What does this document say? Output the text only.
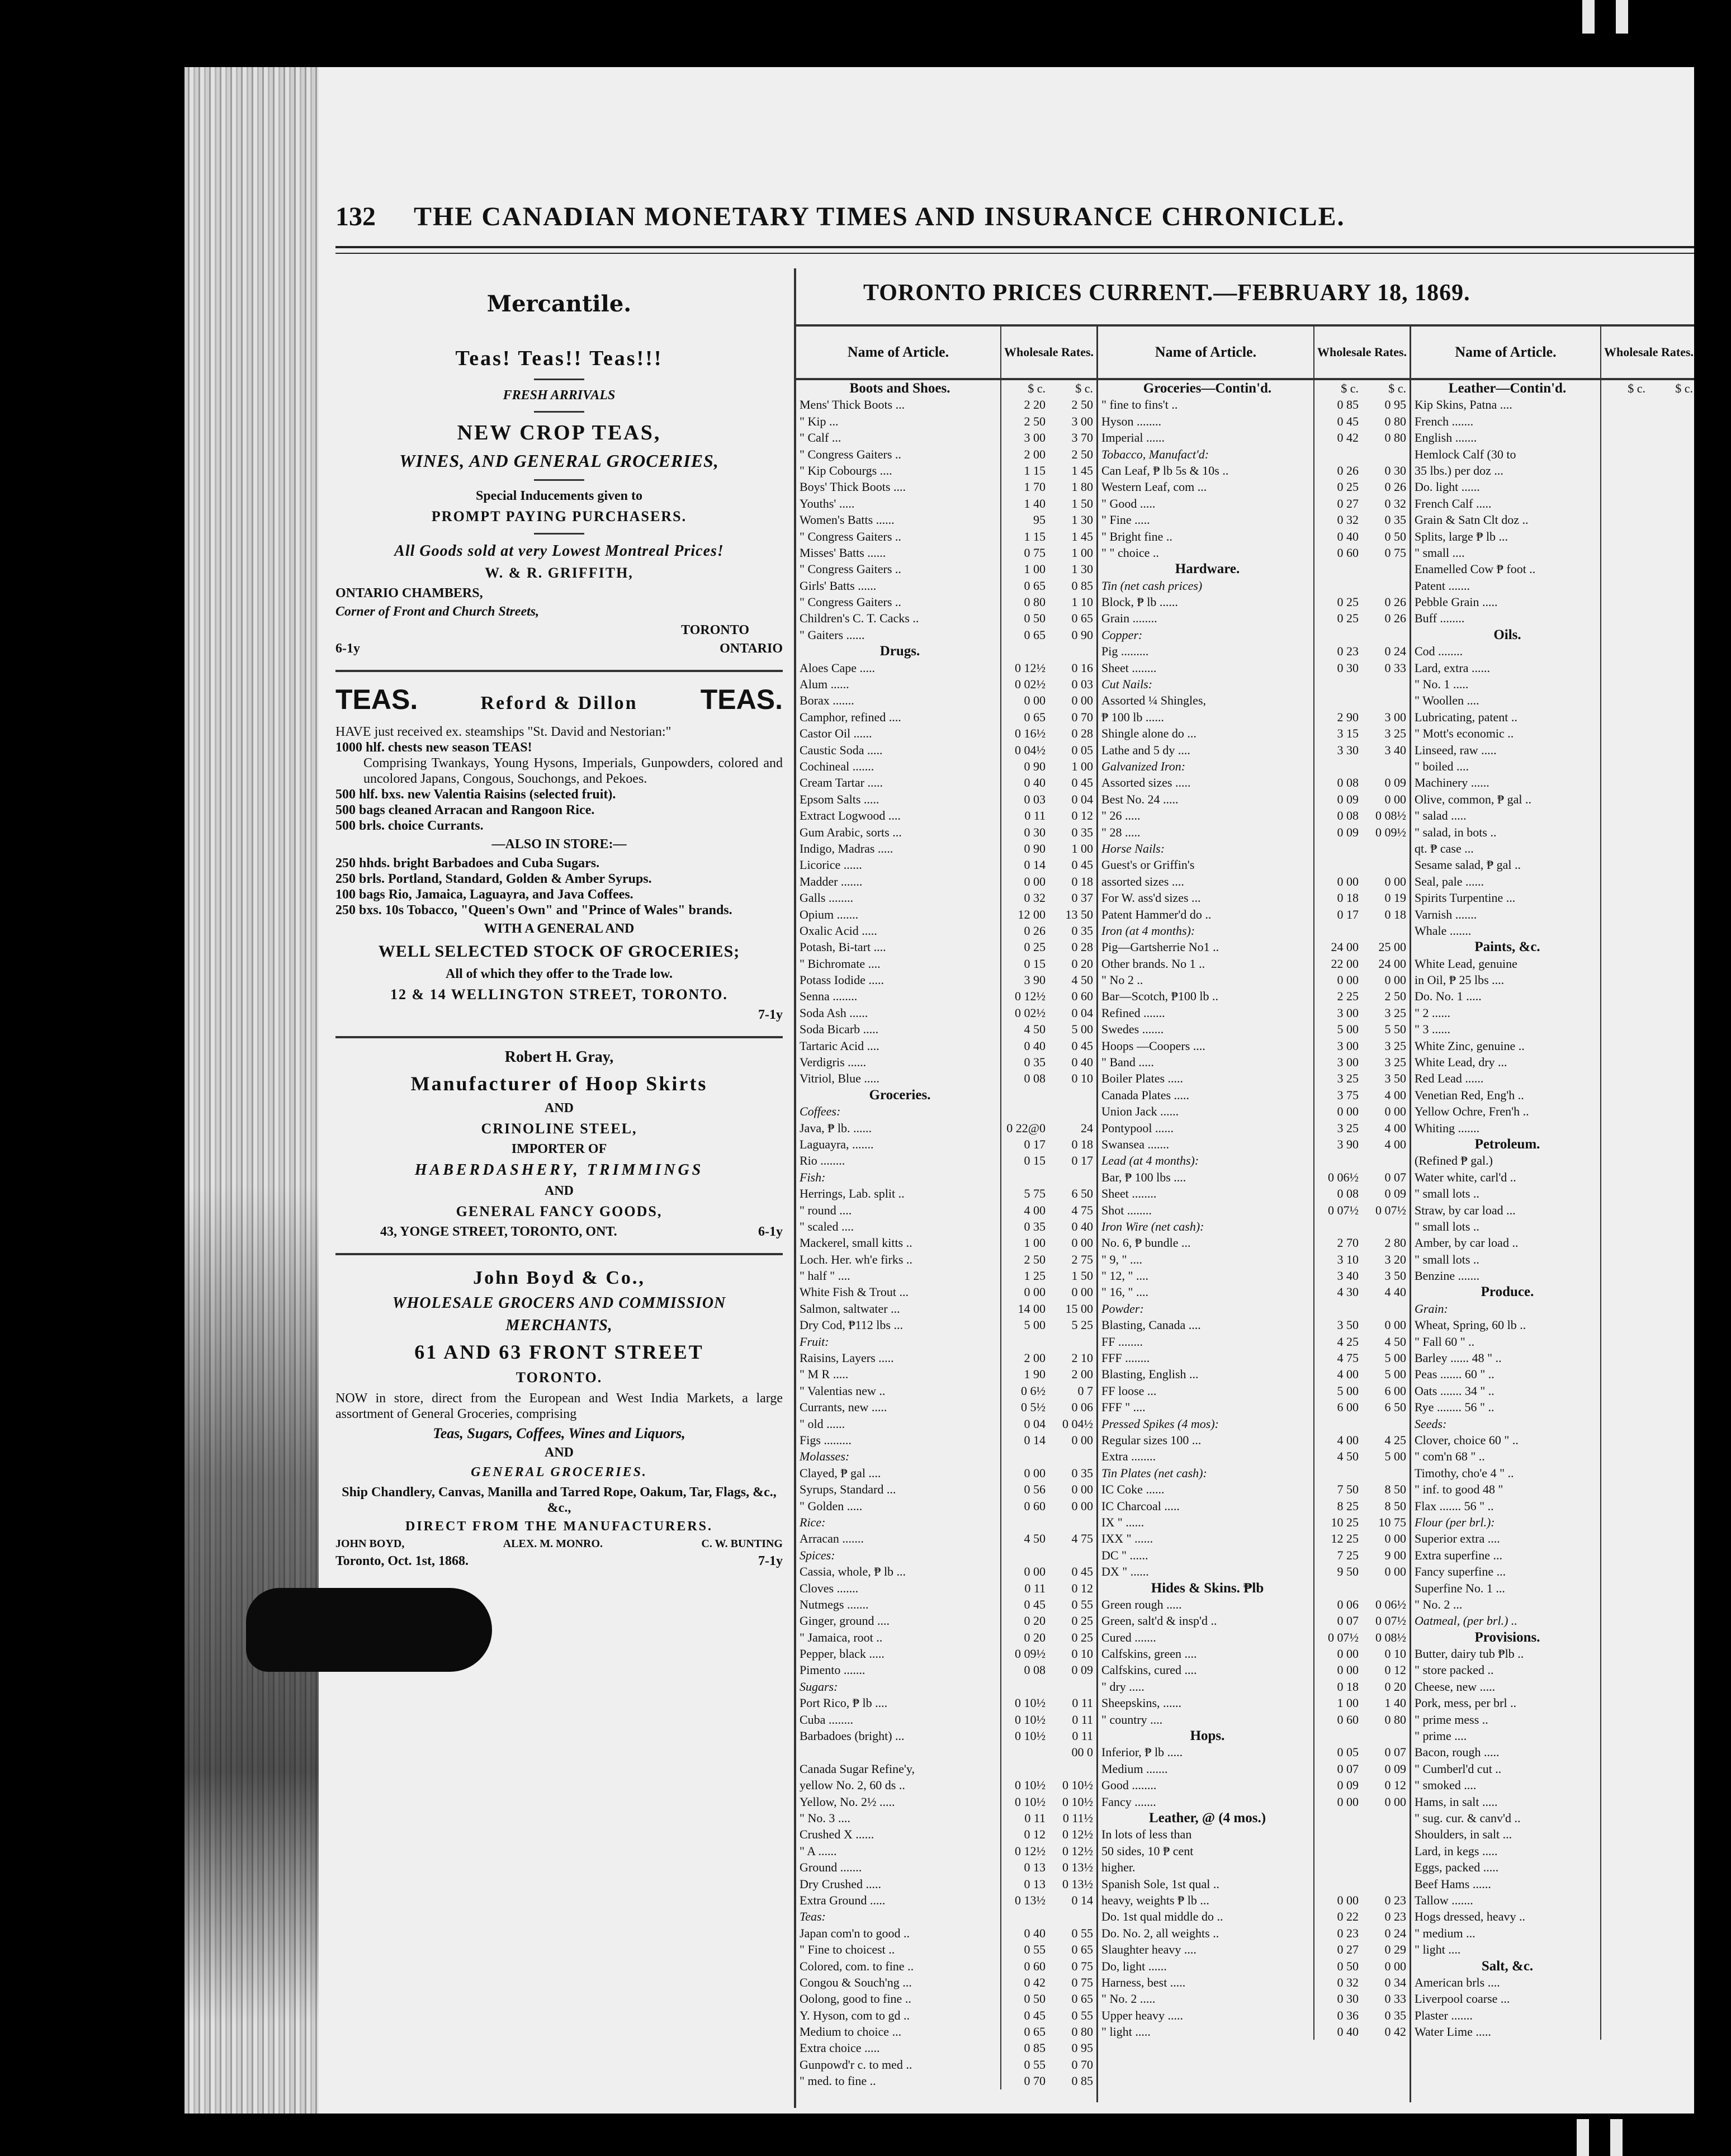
132 THE CANADIAN MONETARY TIMES AND INSURANCE CHRONICLE.
Mercantile.
Teas! Teas!! Teas!!!
FRESH ARRIVALS
NEW CROP TEAS,
WINES, AND GENERAL GROCERIES,
Special Inducements given to
PROMPT PAYING PURCHASERS.
All Goods sold at very Lowest Montreal Prices!
W. & R. GRIFFITH,
ONTARIO CHAMBERS,
Corner of Front and Church Streets,
TORONTO
6-1y	ONTARIO
TEAS.	Reford & Dillon TEAS.
HAVE just received ex. steamships "St. David and Nestorian:"
1000 hlf. chests new season TEAS!
Comprising Twankays, Young Hysons, Imperials, Gunpowders, colored and uncolored Japans, Congous, Souchongs, and Pekoes.
500 hlf. bxs. new Valentia Raisins (selected fruit).
500 bags cleaned Arracan and Rangoon Rice.
500 brls. choice Currants.
—ALSO IN STORE:—
250 hhds. bright Barbadoes and Cuba Sugars.
250 brls. Portland, Standard, Golden & Amber Syrups.
100 bags Rio, Jamaica, Laguayra, and Java Coffees.
250 bxs. 10s Tobacco, "Queen's Own" and "Prince of Wales" brands.
WITH A GENERAL AND
WELL SELECTED STOCK OF GROCERIES;
All of which they offer to the Trade low.
12 & 14 WELLINGTON STREET, TORONTO.
7-1y
Robert H. Gray,
Manufacturer of Hoop Skirts
AND
CRINOLINE STEEL,
IMPORTER OF
HABERDASHERY, TRIMMINGS
AND
GENERAL FANCY GOODS,
43, YONGE STREET, TORONTO, ONT.	6-1y
John Boyd & Co.,
WHOLESALE GROCERS AND COMMISSION
MERCHANTS,
61 AND 63 FRONT STREET
TORONTO.
NOW in store, direct from the European and West India Markets, a large assortment of General Groceries, comprising
Teas, Sugars, Coffees, Wines and Liquors,
AND
GENERAL GROCERIES.
Ship Chandlery, Canvas, Manilla and Tarred Rope, Oakum, Tar, Flags, &c., &c.,
DIRECT FROM THE MANUFACTURERS.
JOHN BOYD,	ALEX. M. MONRO.	C. W. BUNTING
Toronto, Oct. 1st, 1868.	7-1y
TORONTO PRICES CURRENT.—FEBRUARY 18, 1869.
Name of Article.	Wholesale Rates.
Boots and Shoes.	$ c.	$ c.
Mens' Thick Boots ...	2 20	2 50
" Kip ...	2 50	3 00
" Calf ...	3 00	3 70
" Congress Gaiters ..	2 00	2 50
" Kip Cobourgs ....	1 15	1 45
Boys' Thick Boots ....	1 70	1 80
Youths' .....	1 40	1 50
Women's Batts ......	95	1 30
" Congress Gaiters ..	1 15	1 45
Misses' Batts ......	0 75	1 00
" Congress Gaiters ..	1 00	1 30
Girls' Batts ......	0 65	0 85
" Congress Gaiters ..	0 80	1 10
Children's C. T. Cacks ..	0 50	0 65
" Gaiters ......	0 65	0 90
Drugs.
Aloes Cape .....	0 12½	0 16
Alum ......	0 02½	0 03
Borax .......	0 00	0 00
Camphor, refined ....	0 65	0 70
Castor Oil ......	0 16½	0 28
Caustic Soda .....	0 04½	0 05
Cochineal .......	0 90	1 00
Cream Tartar .....	0 40	0 45
Epsom Salts .....	0 03	0 04
Extract Logwood ....	0 11	0 12
Gum Arabic, sorts ...	0 30	0 35
Indigo, Madras .....	0 90	1 00
Licorice ......	0 14	0 45
Madder .......	0 00	0 18
Galls ........	0 32	0 37
Opium .......	12 00	13 50
Oxalic Acid .....	0 26	0 35
Potash, Bi-tart ....	0 25	0 28
" Bichromate ....	0 15	0 20
Potass Iodide .....	3 90	4 50
Senna ........	0 12½	0 60
Soda Ash ......	0 02½	0 04
Soda Bicarb .....	4 50	5 00
Tartaric Acid ....	0 40	0 45
Verdigris ......	0 35	0 40
Vitriol, Blue .....	0 08	0 10
Groceries.
Coffees:
Java, ₱ lb. ......	0 22@0	24
Laguayra, .......	0 17	0 18
Rio ........	0 15	0 17
Fish:
Herrings, Lab. split ..	5 75	6 50
" round ....	4 00	4 75
" scaled ....	0 35	0 40
Mackerel, small kitts ..	1 00	0 00
Loch. Her. wh'e firks ..	2 50	2 75
" half " ....	1 25	1 50
White Fish & Trout ...	0 00	0 00
Salmon, saltwater ...	14 00	15 00
Dry Cod, ₱112 lbs ...	5 00	5 25
Fruit:
Raisins, Layers .....	2 00	2 10
" M R .....	1 90	2 00
" Valentias new ..	0 6½	0 7
Currants, new .....	0 5½	0 06
" old ......	0 04	0 04½
Figs .........	0 14	0 00
Molasses:
Clayed, ₱ gal ....	0 00	0 35
Syrups, Standard ...	0 56	0 00
" Golden .....	0 60	0 00
Rice:
Arracan .......	4 50	4 75
Spices:
Cassia, whole, ₱ lb ...	0 00	0 45
Cloves .......	0 11	0 12
Nutmegs .......	0 45	0 55
Ginger, ground ....	0 20	0 25
" Jamaica, root ..	0 20	0 25
Pepper, black .....	0 09½	0 10
Pimento .......	0 08	0 09
Sugars:
Port Rico, ₱ lb ....	0 10½	0 11
Cuba ........	0 10½	0 11
Barbadoes (bright) ...	0 10½	0 11
00 0
Canada Sugar Refine'y,
yellow No. 2, 60 ds ..	0 10½	0 10½
Yellow, No. 2½ .....	0 10½	0 10½
" No. 3 ....	0 11	0 11½
Crushed X ......	0 12	0 12½
" A ......	0 12½	0 12½
Ground .......	0 13	0 13½
Dry Crushed .....	0 13	0 13½
Extra Ground .....	0 13½	0 14
Teas:
Japan com'n to good ..	0 40	0 55
" Fine to choicest ..	0 55	0 65
Colored, com. to fine ..	0 60	0 75
Congou & Souch'ng ...	0 42	0 75
Oolong, good to fine ..	0 50	0 65
Y. Hyson, com to gd ..	0 45	0 55
Medium to choice ...	0 65	0 80
Extra choice .....	0 85	0 95
Gunpowd'r c. to med ..	0 55	0 70
" med. to fine ..	0 70	0 85
Name of Article.	Wholesale Rates.
Groceries—Contin'd.	$ c.	$ c.
" fine to fins't ..	0 85	0 95
Hyson ........	0 45	0 80
Imperial ......	0 42	0 80
Tobacco, Manufact'd:
Can Leaf, ₱ lb 5s & 10s ..	0 26	0 30
Western Leaf, com ...	0 25	0 26
" Good .....	0 27	0 32
" Fine .....	0 32	0 35
" Bright fine ..	0 40	0 50
" " choice ..	0 60	0 75
Hardware.
Tin (net cash prices)
Block, ₱ lb ......	0 25	0 26
Grain ........	0 25	0 26
Copper:
Pig .........	0 23	0 24
Sheet ........	0 30	0 33
Cut Nails:
Assorted ¼ Shingles,
₱ 100 lb ......	2 90	3 00
Shingle alone do ...	3 15	3 25
Lathe and 5 dy ....	3 30	3 40
Galvanized Iron:
Assorted sizes .....	0 08	0 09
Best No. 24 .....	0 09	0 00
" 26 .....	0 08	0 08½
" 28 .....	0 09	0 09½
Horse Nails:
Guest's or Griffin's
assorted sizes ....	0 00	0 00
For W. ass'd sizes ...	0 18	0 19
Patent Hammer'd do ..	0 17	0 18
Iron (at 4 months):
Pig—Gartsherrie No1 ..	24 00	25 00
Other brands. No 1 ..	22 00	24 00
" No 2 ..	0 00	0 00
Bar—Scotch, ₱100 lb ..	2 25	2 50
Refined .......	3 00	3 25
Swedes .......	5 00	5 50
Hoops —Coopers ....	3 00	3 25
" Band .....	3 00	3 25
Boiler Plates .....	3 25	3 50
Canada Plates .....	3 75	4 00
Union Jack ......	0 00	0 00
Pontypool ......	3 25	4 00
Swansea .......	3 90	4 00
Lead (at 4 months):
Bar, ₱ 100 lbs ....	0 06½	0 07
Sheet ........	0 08	0 09
Shot ........	0 07½	0 07½
Iron Wire (net cash):
No. 6, ₱ bundle ...	2 70	2 80
" 9, " ....	3 10	3 20
" 12, " ....	3 40	3 50
" 16, " ....	4 30	4 40
Powder:
Blasting, Canada ....	3 50	0 00
FF ........	4 25	4 50
FFF ........	4 75	5 00
Blasting, English ...	4 00	5 00
FF loose ...	5 00	6 00
FFF " ....	6 00	6 50
Pressed Spikes (4 mos):
Regular sizes 100 ...	4 00	4 25
Extra ........	4 50	5 00
Tin Plates (net cash):
IC Coke ......	7 50	8 50
IC Charcoal .....	8 25	8 50
IX " ......	10 25	10 75
IXX " ......	12 25	0 00
DC " ......	7 25	9 00
DX " ......	9 50	0 00
Hides & Skins. ₱lb
Green rough .....	0 06	0 06½
Green, salt'd & insp'd ..	0 07	0 07½
Cured .......	0 07½	0 08½
Calfskins, green ....	0 00	0 10
Calfskins, cured ....	0 00	0 12
" dry .....	0 18	0 20
Sheepskins, ......	1 00	1 40
" country ....	0 60	0 80
Hops.
Inferior, ₱ lb .....	0 05	0 07
Medium .......	0 07	0 09
Good ........	0 09	0 12
Fancy .......	0 00	0 00
Leather, @ (4 mos.)
In lots of less than
50 sides, 10 ₱ cent
higher.
Spanish Sole, 1st qual ..
heavy, weights ₱ lb ...	0 00	0 23
Do. 1st qual middle do ..	0 22	0 23
Do. No. 2, all weights ..	0 23	0 24
Slaughter heavy ....	0 27	0 29
Do, light ......	0 50	0 00
Harness, best .....	0 32	0 34
" No. 2 .....	0 30	0 33
Upper heavy .....	0 36	0 35
" light .....	0 40	0 42
Name of Article.	Wholesale Rates.
Leather—Contin'd.	$ c.	$ c.
Kip Skins, Patna ....
French .......
English .......
Hemlock Calf (30 to
35 lbs.) per doz ...
Do. light ......
French Calf .....
Grain & Satn Clt doz ..
Splits, large ₱ lb ...
" small ....
Enamelled Cow ₱ foot ..
Patent .......
Pebble Grain .....
Buff ........
Oils.
Cod ........
Lard, extra ......
" No. 1 .....
" Woollen ....
Lubricating, patent ..
" Mott's economic ..
Linseed, raw .....
" boiled ....
Machinery ......
Olive, common, ₱ gal ..
" salad .....
" salad, in bots ..
qt. ₱ case ...
Sesame salad, ₱ gal ..
Seal, pale ......
Spirits Turpentine ...
Varnish .......
Whale .......
Paints, &c.
White Lead, genuine
in Oil, ₱ 25 lbs ....
Do. No. 1 .....
" 2 ......
" 3 ......
White Zinc, genuine ..
White Lead, dry ...
Red Lead ......
Venetian Red, Eng'h ..
Yellow Ochre, Fren'h ..
Whiting .......
Petroleum.
(Refined ₱ gal.)
Water white, carl'd ..
" small lots ..
Straw, by car load ...
" small lots ..
Amber, by car load ..
" small lots ..
Benzine .......
Produce.
Grain:
Wheat, Spring, 60 lb ..
" Fall 60 " ..
Barley ...... 48 " ..
Peas ....... 60 " ..
Oats ....... 34 " ..
Rye ........ 56 " ..
Seeds:
Clover, choice 60 " ..
" com'n 68 " ..
Timothy, cho'e 4 " ..
" inf. to good 48 "
Flax ....... 56 " ..
Flour (per brl.):
Superior extra ....
Extra superfine ...
Fancy superfine ...
Superfine No. 1 ...
" No. 2 ...
Oatmeal, (per brl.) ..
Provisions.
Butter, dairy tub ₱lb ..
" store packed ..
Cheese, new .....
Pork, mess, per brl ..
" prime mess ..
" prime ....
Bacon, rough .....
" Cumberl'd cut ..
" smoked ....
Hams, in salt .....
" sug. cur. & canv'd ..
Shoulders, in salt ...
Lard, in kegs .....
Eggs, packed .....
Beef Hams ......
Tallow .......
Hogs dressed, heavy ..
" medium ...
" light ....
Salt, &c.
American brls ....
Liverpool coarse ...
Plaster .......
Water Lime .....
